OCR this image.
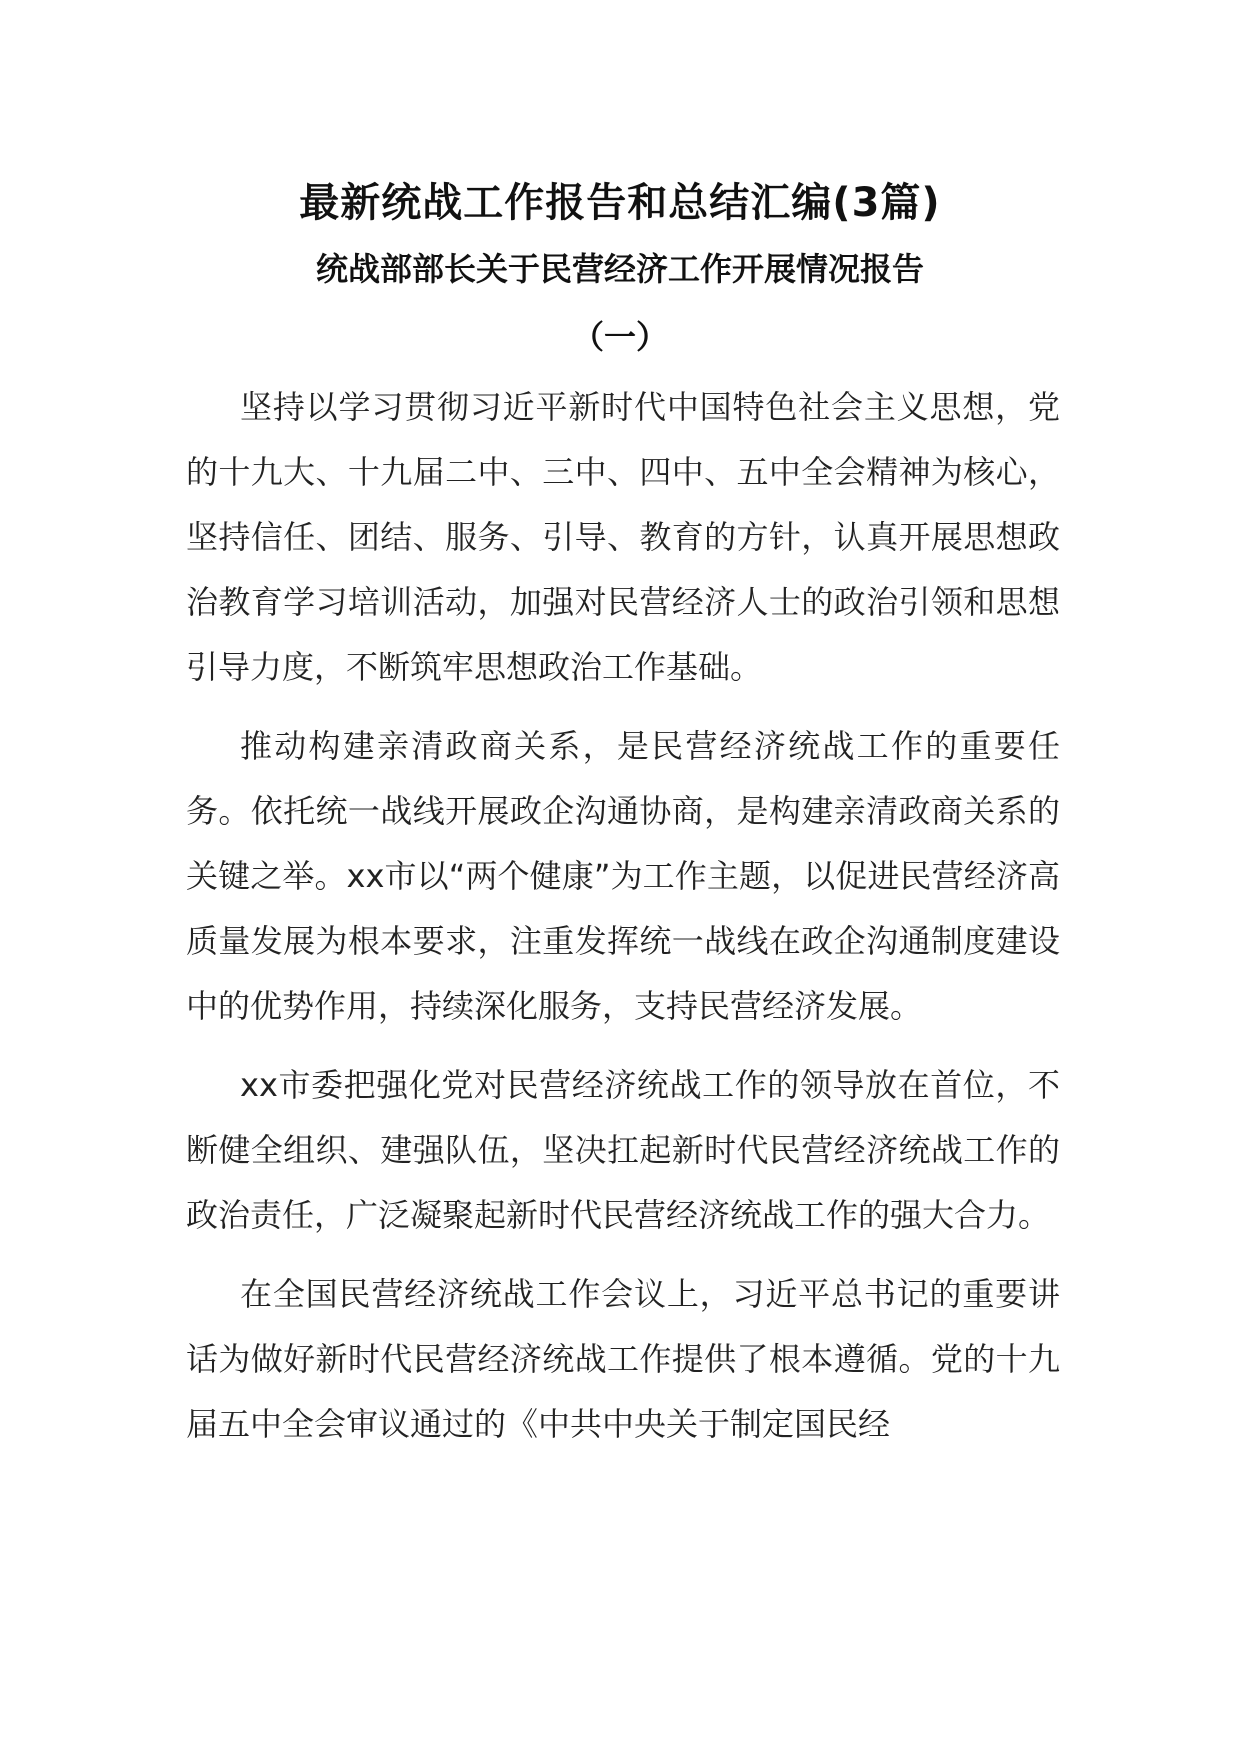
最新统战工作报告和总结汇编(3篇)
统战部部长关于民营经济工作开展情况报告
（一）

坚持以学习贯彻习近平新时代中国特色社会主义思想，党的十九大、十九届二中、三中、四中、五中全会精神为核心，坚持信任、团结、服务、引导、教育的方针，认真开展思想政治教育学习培训活动，加强对民营经济人士的政治引领和思想引导力度，不断筑牢思想政治工作基础。

推动构建亲清政商关系，是民营经济统战工作的重要任务。依托统一战线开展政企沟通协商，是构建亲清政商关系的关键之举。xx市以“两个健康”为工作主题，以促进民营经济高质量发展为根本要求，注重发挥统一战线在政企沟通制度建设中的优势作用，持续深化服务，支持民营经济发展。

xx市委把强化党对民营经济统战工作的领导放在首位，不断健全组织、建强队伍，坚决扛起新时代民营经济统战工作的政治责任，广泛凝聚起新时代民营经济统战工作的强大合力。

在全国民营经济统战工作会议上，习近平总书记的重要讲话为做好新时代民营经济统战工作提供了根本遵循。党的十九届五中全会审议通过的《中共中央关于制定国民经
